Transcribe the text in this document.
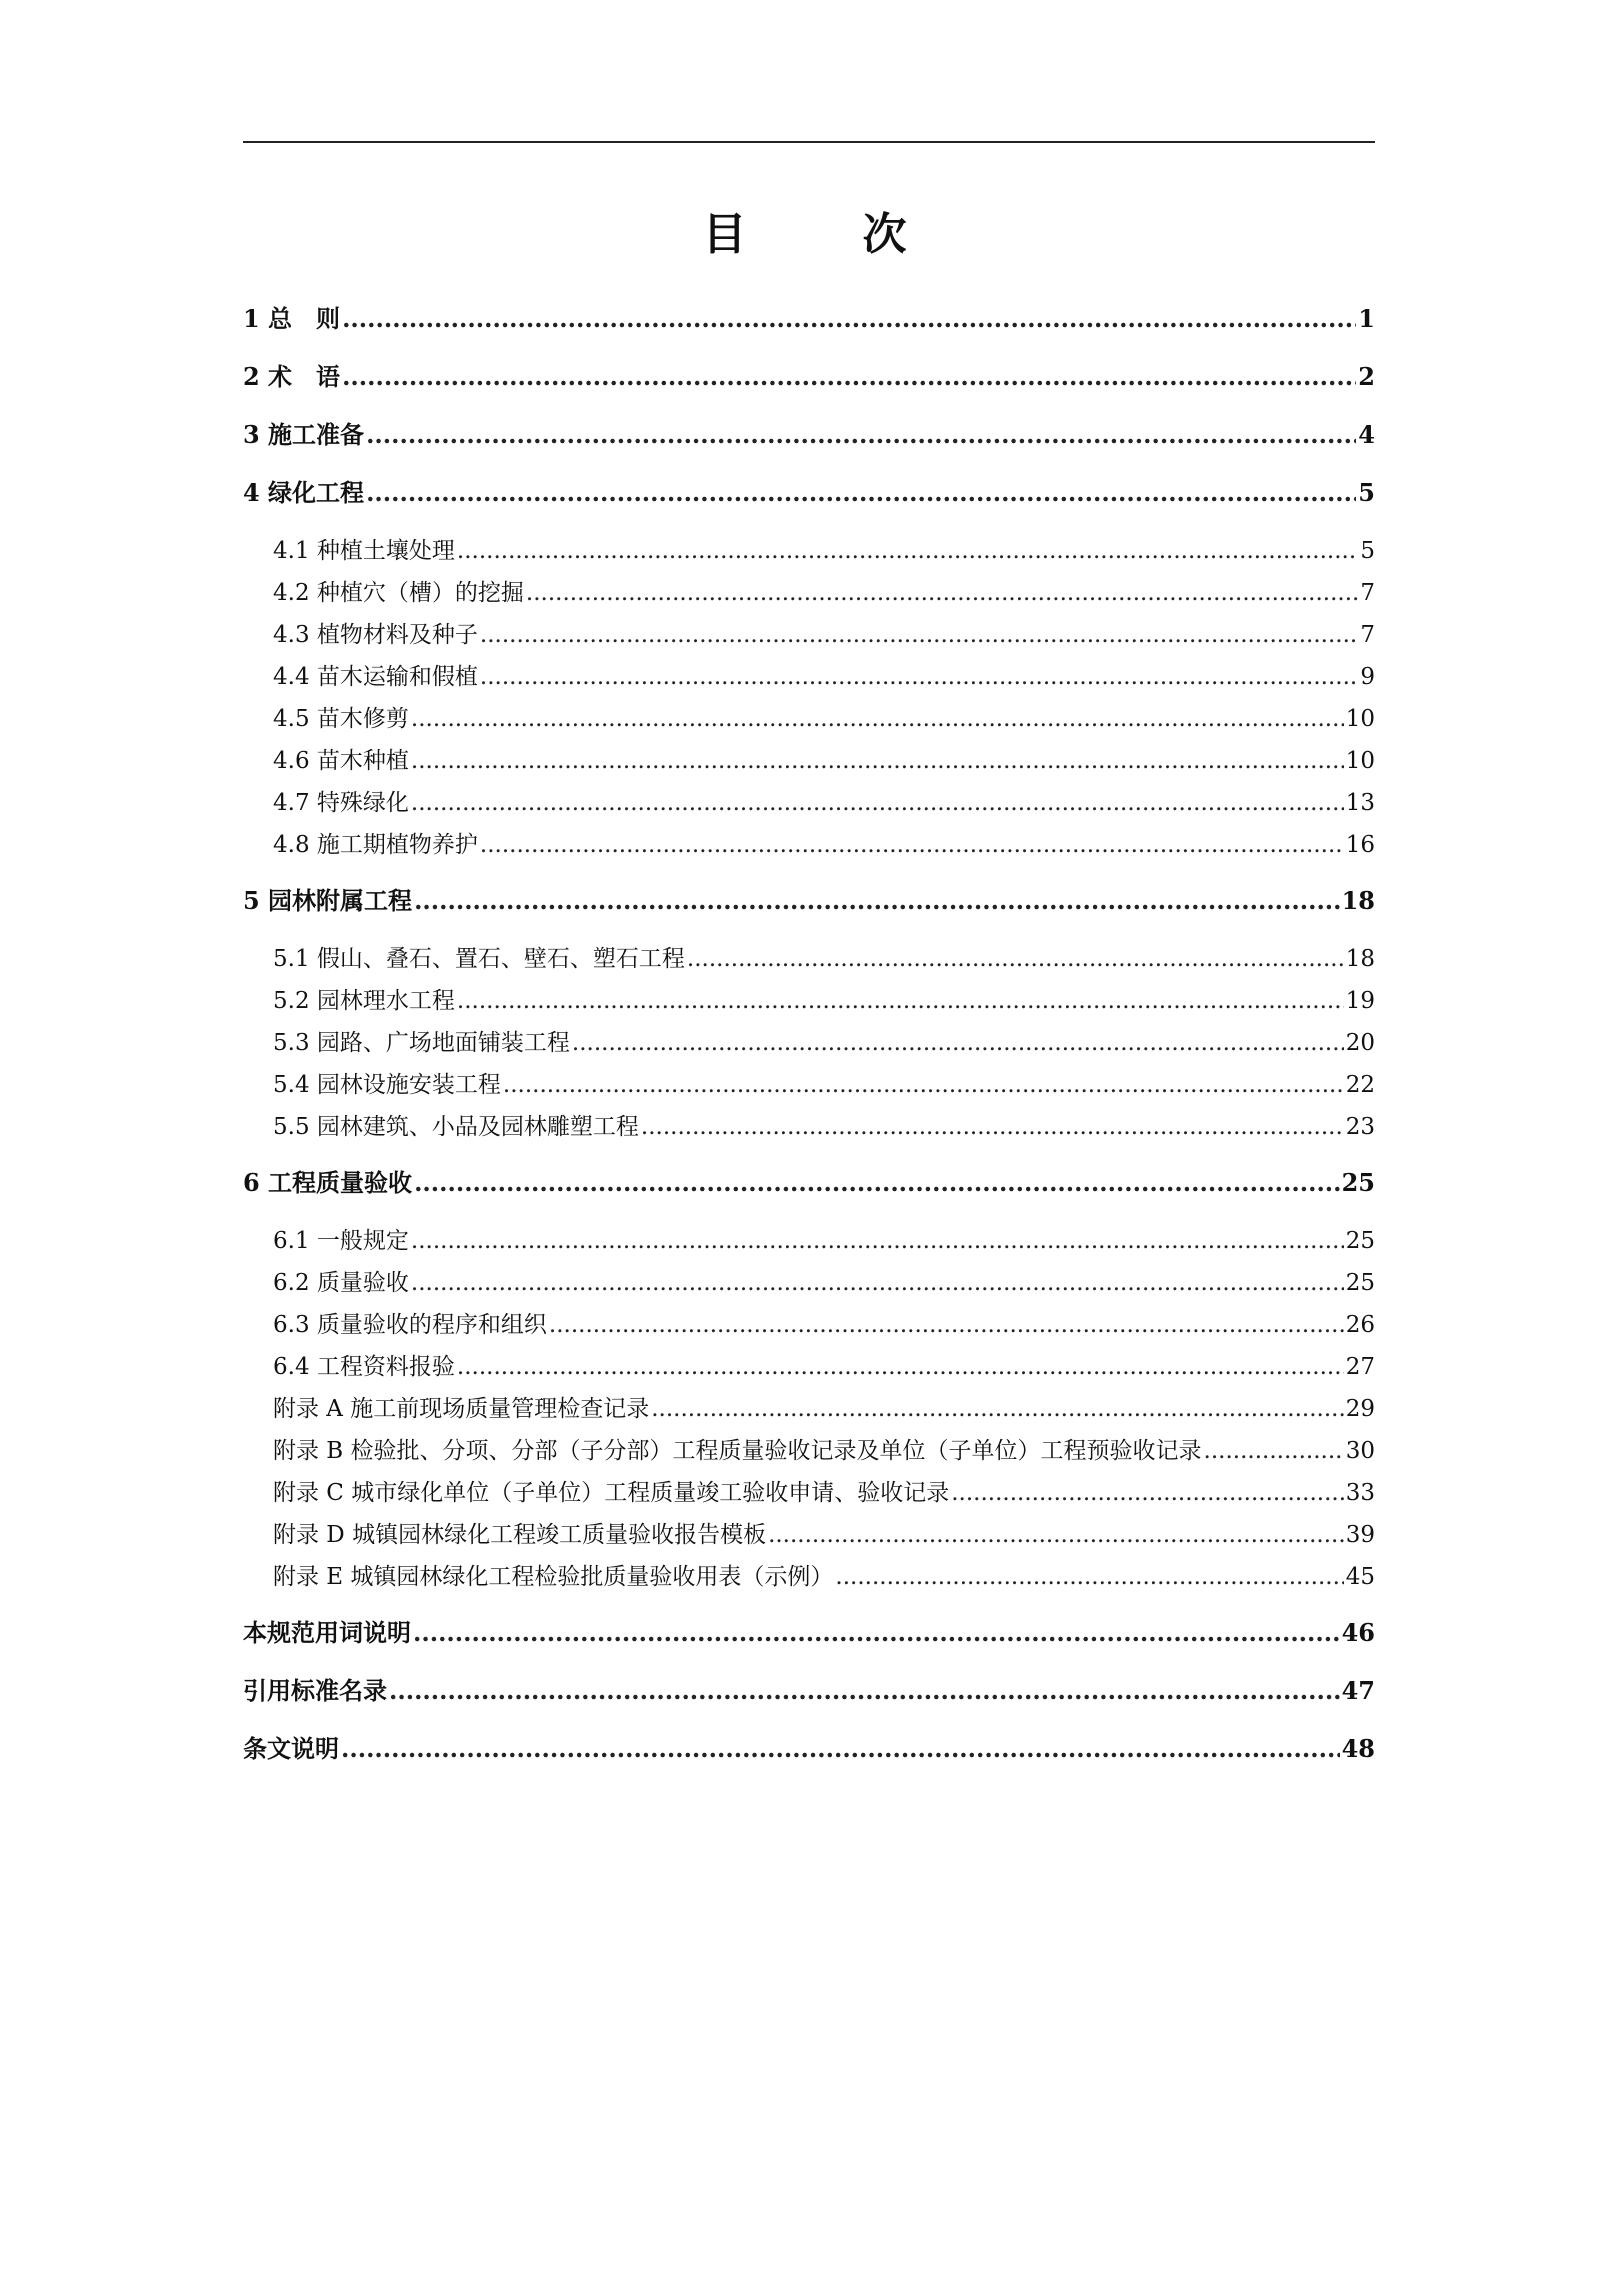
目　次
1 总　则 .....	1
2 术　语 .....	2
3 施工准备 .....	4
4 绿化工程 .....	5
4.1 种植土壤处理 .....	5
4.2 种植穴（槽）的挖掘 .....	7
4.3 植物材料及种子 .....	7
4.4 苗木运输和假植 .....	9
4.5 苗木修剪 .....	10
4.6 苗木种植 .....	10
4.7 特殊绿化 .....	13
4.8 施工期植物养护 .....	16
5 园林附属工程 .....	18
5.1 假山、叠石、置石、壁石、塑石工程 .....	18
5.2 园林理水工程 .....	19
5.3 园路、广场地面铺装工程 .....	20
5.4 园林设施安装工程 .....	22
5.5 园林建筑、小品及园林雕塑工程 .....	23
6 工程质量验收 .....	25
6.1 一般规定 .....	25
6.2 质量验收 .....	25
6.3 质量验收的程序和组织 .....	26
6.4 工程资料报验 .....	27
附录 A 施工前现场质量管理检查记录 .....	29
附录 B 检验批、分项、分部（子分部）工程质量验收记录及单位（子单位）工程预验收记录 .....	30
附录 C 城市绿化单位（子单位）工程质量竣工验收申请、验收记录 .....	33
附录 D 城镇园林绿化工程竣工质量验收报告模板 .....	39
附录 E 城镇园林绿化工程检验批质量验收用表（示例） .....	45
本规范用词说明 .....	46
引用标准名录 .....	47
条文说明 .....	48
